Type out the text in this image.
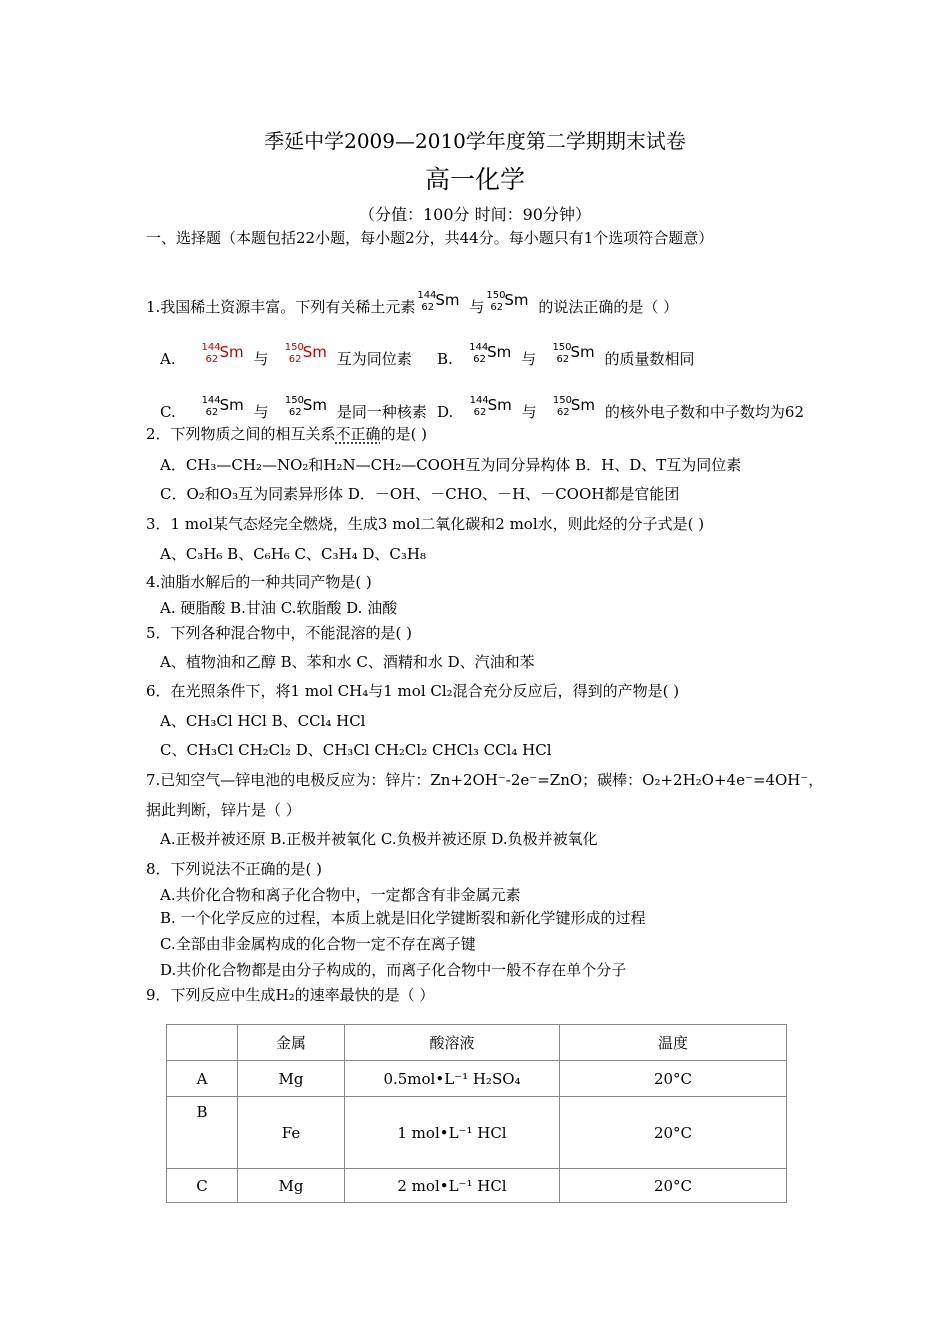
季延中学2009—2010学年度第二学期期末试卷
高一化学
（分值：100分 时间：90分钟）
一、选择题（本题包括22小题，每小题2分，共44分。每小题只有1个选项符合题意）
1.我国稀土资源丰富。下列有关稀土元素
144
62 Sm 与
150
62 Sm 的说法正确的是（ ）
A.
144
62 Sm 与
150
62 Sm 互为同位素 B.
144
62 Sm 与
150
62 Sm 的质量数相同
C.
144
62 Sm 与
150
62 Sm 是同一种核素 D.
144
62 Sm 与
150
62 Sm 的核外电子数和中子数均为62
2．下列物质之间的相互关系不正确的是( )
A．CH₃—CH₂—NO₂和H₂N—CH₂—COOH互为同分异构体 B．H、D、T互为同位素
C．O₂和O₃互为同素异形体 D．－OH、－CHO、－H、－COOH都是官能团
3．1 mol某气态烃完全燃烧，生成3 mol二氧化碳和2 mol水，则此烃的分子式是( )
A、C₃H₆ B、C₆H₆ C、C₃H₄ D、C₃H₈
4.油脂水解后的一种共同产物是( )
A. 硬脂酸 B.甘油 C.软脂酸 D. 油酸
5．下列各种混合物中，不能混溶的是( )
A、植物油和乙醇 B、苯和水 C、酒精和水 D、汽油和苯
6．在光照条件下，将1 mol CH₄与1 mol Cl₂混合充分反应后，得到的产物是( )
A、CH₃Cl HCl B、CCl₄ HCl
C、CH₃Cl CH₂Cl₂ D、CH₃Cl CH₂Cl₂ CHCl₃ CCl₄ HCl
7.已知空气—锌电池的电极反应为：锌片：Zn+2OH⁻-2e⁻=ZnO；碳棒：O₂+2H₂O+4e⁻=4OH⁻，
据此判断，锌片是（ ）
A.正极并被还原 B.正极并被氧化 C.负极并被还原 D.负极并被氧化
8．下列说法不正确的是( )
A.共价化合物和离子化合物中，一定都含有非金属元素
B. 一个化学反应的过程，本质上就是旧化学键断裂和新化学键形成的过程
C.全部由非金属构成的化合物一定不存在离子键
D.共价化合物都是由分子构成的，而离子化合物中一般不存在单个分子
9．下列反应中生成H₂的速率最快的是（ ）
	金属	酸溶液	温度
A	Mg	0.5mol•L⁻¹ H₂SO₄	20°C
B	Fe	1 mol•L⁻¹ HCl	20°C
C	Mg	2 mol•L⁻¹ HCl	20°C
